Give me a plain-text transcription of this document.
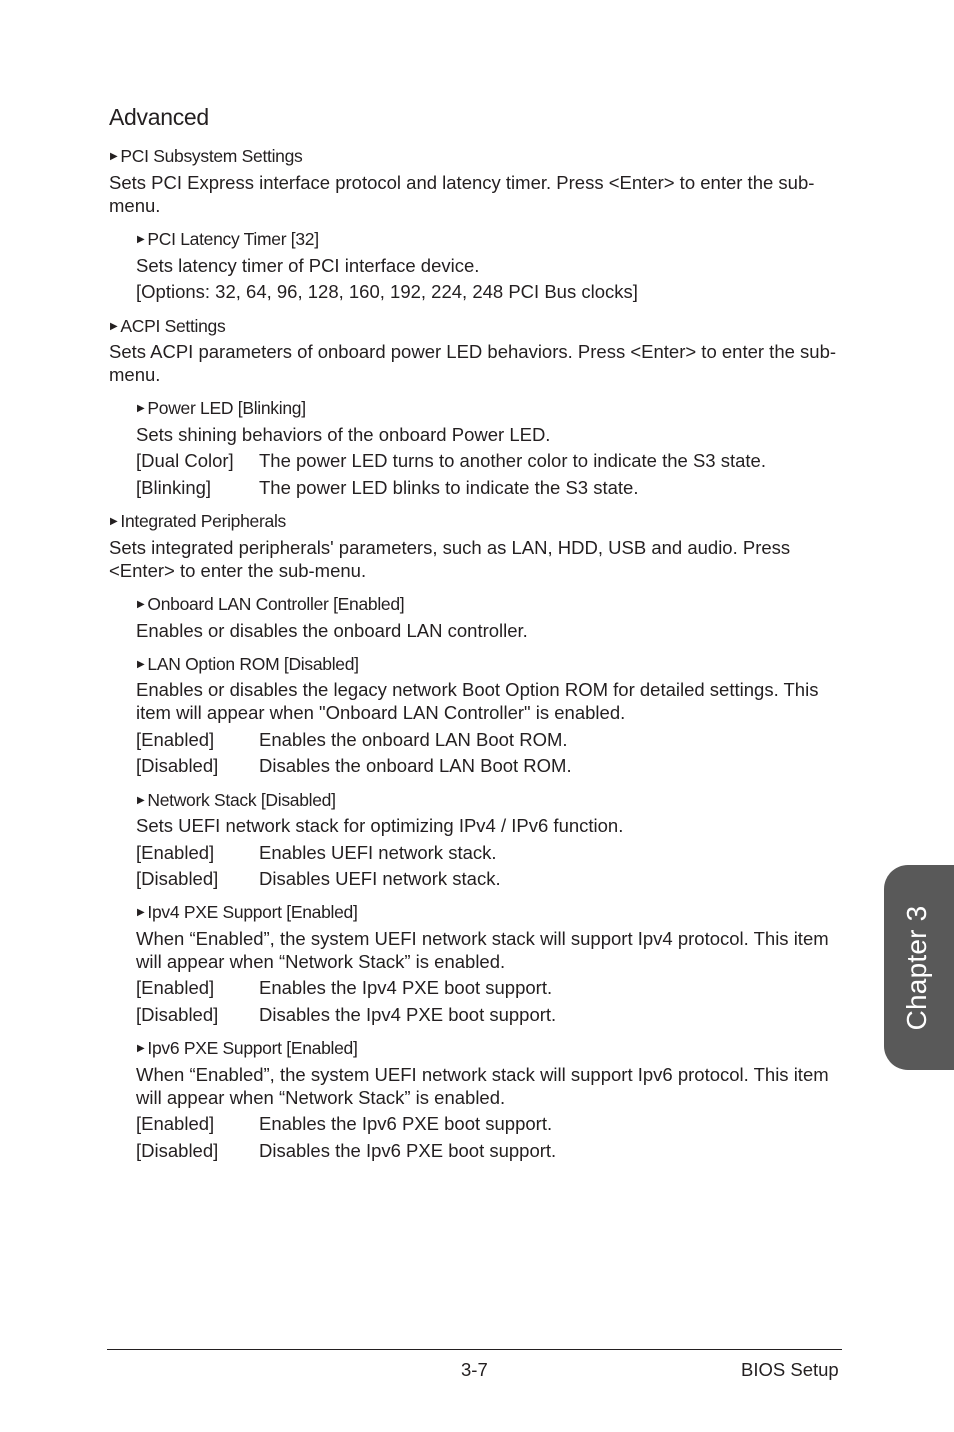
Advanced
▶ PCI Subsystem Settings
Sets PCI Express interface protocol and latency timer. Press <Enter> to enter the sub-menu.
▶ PCI Latency Timer [32]
Sets latency timer of PCI interface device.
[Options: 32, 64, 96, 128, 160, 192, 224, 248 PCI Bus clocks]
▶ ACPI Settings
Sets ACPI parameters of onboard power LED behaviors. Press <Enter> to enter the sub-menu.
▶ Power LED [Blinking]
Sets shining behaviors of the onboard Power LED.
[Dual Color] The power LED turns to another color to indicate the S3 state.
[Blinking]	The power LED blinks to indicate the S3 state.
▶ Integrated Peripherals
Sets integrated peripherals' parameters, such as LAN, HDD, USB and audio. Press <Enter> to enter the sub-menu.
▶ Onboard LAN Controller [Enabled]
Enables or disables the onboard LAN controller.
▶ LAN Option ROM [Disabled]
Enables or disables the legacy network Boot Option ROM for detailed settings. This item will appear when "Onboard LAN Controller" is enabled.
[Enabled] Enables the onboard LAN Boot ROM.
[Disabled] Disables the onboard LAN Boot ROM.
▶ Network Stack [Disabled]
Sets UEFI network stack for optimizing IPv4 / IPv6 function.
[Enabled] Enables UEFI network stack.
[Disabled] Disables UEFI network stack.
▶ Ipv4 PXE Support [Enabled]
When “Enabled”, the system UEFI network stack will support Ipv4 protocol. This item will appear when “Network Stack” is enabled.
[Enabled] Enables the Ipv4 PXE boot support.
[Disabled] Disables the Ipv4 PXE boot support.
▶ Ipv6 PXE Support [Enabled]
When “Enabled”, the system UEFI network stack will support Ipv6 protocol. This item will appear when “Network Stack” is enabled.
[Enabled] Enables the Ipv6 PXE boot support.
[Disabled] Disables the Ipv6 PXE boot support.
Chapter 3
3-7	BIOS Setup
